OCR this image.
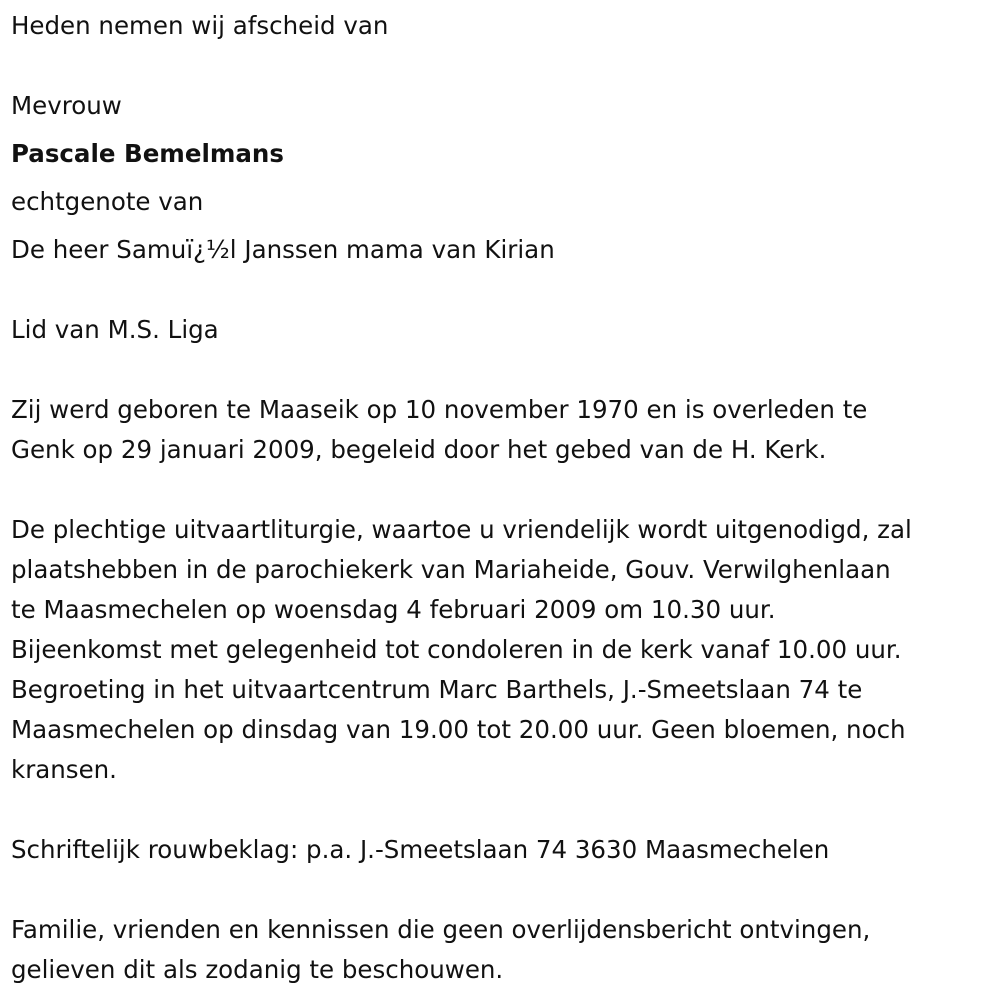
Heden nemen wij afscheid van
Mevrouw
Pascale Bemelmans
echtgenote van
De heer Samuï¿½l Janssen mama van Kirian
Lid van M.S. Liga
Zij werd geboren te Maaseik op 10 november 1970 en is overleden te
Genk op 29 januari 2009, begeleid door het gebed van de H. Kerk.
De plechtige uitvaartliturgie, waartoe u vriendelijk wordt uitgenodigd, zal
plaatshebben in de parochiekerk van Mariaheide, Gouv. Verwilghenlaan
te Maasmechelen op woensdag 4 februari 2009 om 10.30 uur.
Bijeenkomst met gelegenheid tot condoleren in de kerk vanaf 10.00 uur.
Begroeting in het uitvaartcentrum Marc Barthels, J.-Smeetslaan 74 te
Maasmechelen op dinsdag van 19.00 tot 20.00 uur. Geen bloemen, noch
kransen.
Schriftelijk rouwbeklag: p.a. J.-Smeetslaan 74 3630 Maasmechelen
Familie, vrienden en kennissen die geen overlijdensbericht ontvingen,
gelieven dit als zodanig te beschouwen.
